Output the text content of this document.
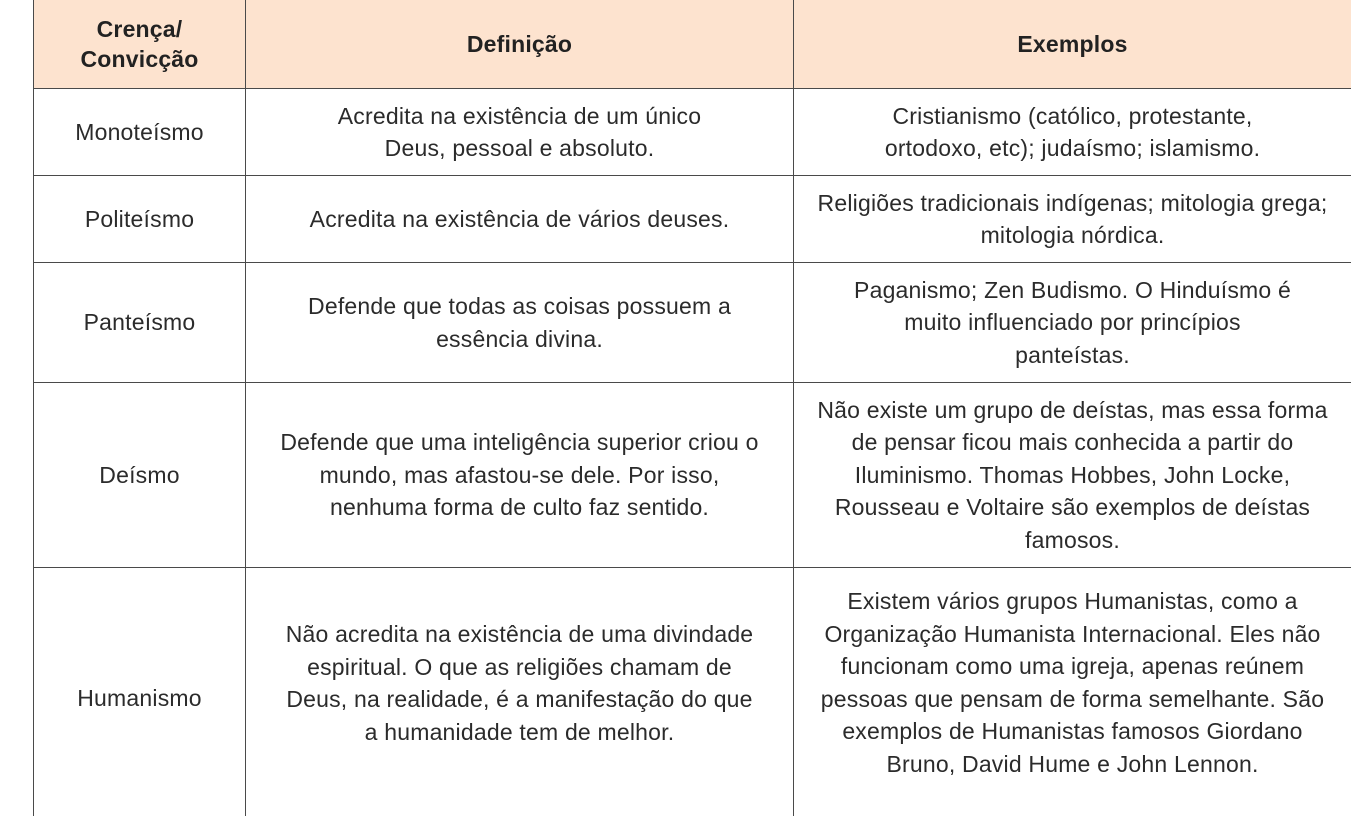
Crença/ Convicção	Definição	Exemplos
Monoteísmo	Acredita na existência de um único Deus, pessoal e absoluto.	Cristianismo (católico, protestante, ortodoxo, etc); judaísmo; islamismo.
Politeísmo	Acredita na existência de vários deuses.	Religiões tradicionais indígenas; mitologia grega; mitologia nórdica.
Panteísmo	Defende que todas as coisas possuem a essência divina.	Paganismo; Zen Budismo. O Hinduísmo é muito influenciado por princípios panteístas.
Deísmo	Defende que uma inteligência superior criou o mundo, mas afastou-se dele. Por isso, nenhuma forma de culto faz sentido.	Não existe um grupo de deístas, mas essa forma de pensar ficou mais conhecida a partir do Iluminismo. Thomas Hobbes, John Locke, Rousseau e Voltaire são exemplos de deístas famosos.
Humanismo	Não acredita na existência de uma divindade espiritual. O que as religiões chamam de Deus, na realidade, é a manifestação do que a humanidade tem de melhor.	Existem vários grupos Humanistas, como a Organização Humanista Internacional. Eles não funcionam como uma igreja, apenas reúnem pessoas que pensam de forma semelhante. São exemplos de Humanistas famosos Giordano Bruno, David Hume e John Lennon.
